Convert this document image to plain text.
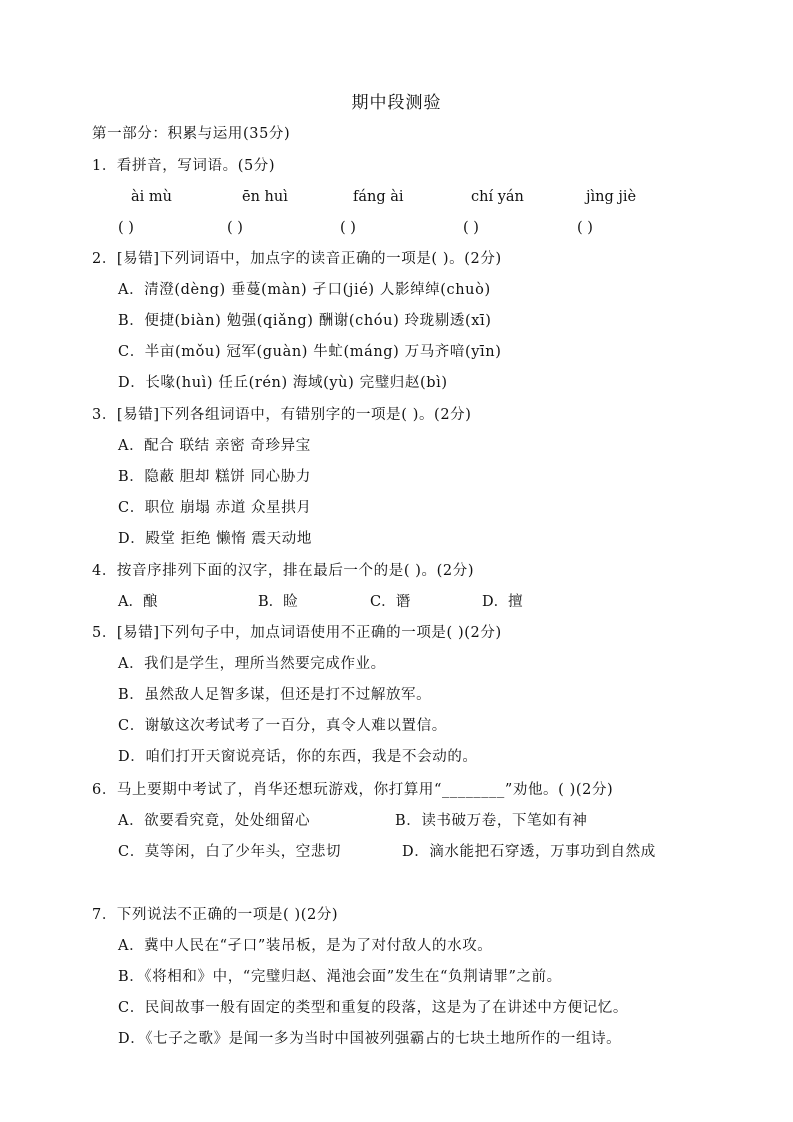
期中段测验
第一部分：积累与运用(35分)
1．看拼音，写词语。(5分)
ài mù	ēn huì	fáng ài	chí yán	jìng jiè
( )	( )	( )	( )	( )
2．[易错]下列词语中，加点字的读音正确的一项是( )。(2分)
A．清澄(dèng) 垂蔓(màn) 孑口(jié) 人影绰绰(chuò)
B．便捷(biàn) 勉强(qiǎng) 酬谢(chóu) 玲珑剔透(xī)
C．半亩(mǒu) 冠军(guàn) 牛虻(máng) 万马齐喑(yīn)
D．长喙(huì) 任丘(rén) 海域(yù) 完璧归赵(bì)
3．[易错]下列各组词语中，有错别字的一项是( )。(2分)
A．配合 联结 亲密 奇珍异宝
B．隐蔽 胆却 糕饼 同心胁力
C．职位 崩塌 赤道 众星拱月
D．殿堂 拒绝 懒惰 震天动地
4．按音序排列下面的汉字，排在最后一个的是( )。(2分)
A．酿	B．睑	C．谮	D．擅
5．[易错]下列句子中，加点词语使用不正确的一项是( )(2分)
A．我们是学生，理所当然要完成作业。
B．虽然敌人足智多谋，但还是打不过解放军。
C．谢敏这次考试考了一百分，真令人难以置信。
D．咱们打开天窗说亮话，你的东西，我是不会动的。
6．马上要期中考试了，肖华还想玩游戏，你打算用“________”劝他。( )(2分)
A．欲要看究竟，处处细留心	B．读书破万卷，下笔如有神
C．莫等闲，白了少年头，空悲切	D．滴水能把石穿透，万事功到自然成
7．下列说法不正确的一项是( )(2分)
A．冀中人民在“孑口”装吊板，是为了对付敌人的水攻。
B．《将相和》中，“完璧归赵、渑池会面”发生在“负荆请罪”之前。
C．民间故事一般有固定的类型和重复的段落，这是为了在讲述中方便记忆。
D．《七子之歌》是闻一多为当时中国被列强霸占的七块土地所作的一组诗。
